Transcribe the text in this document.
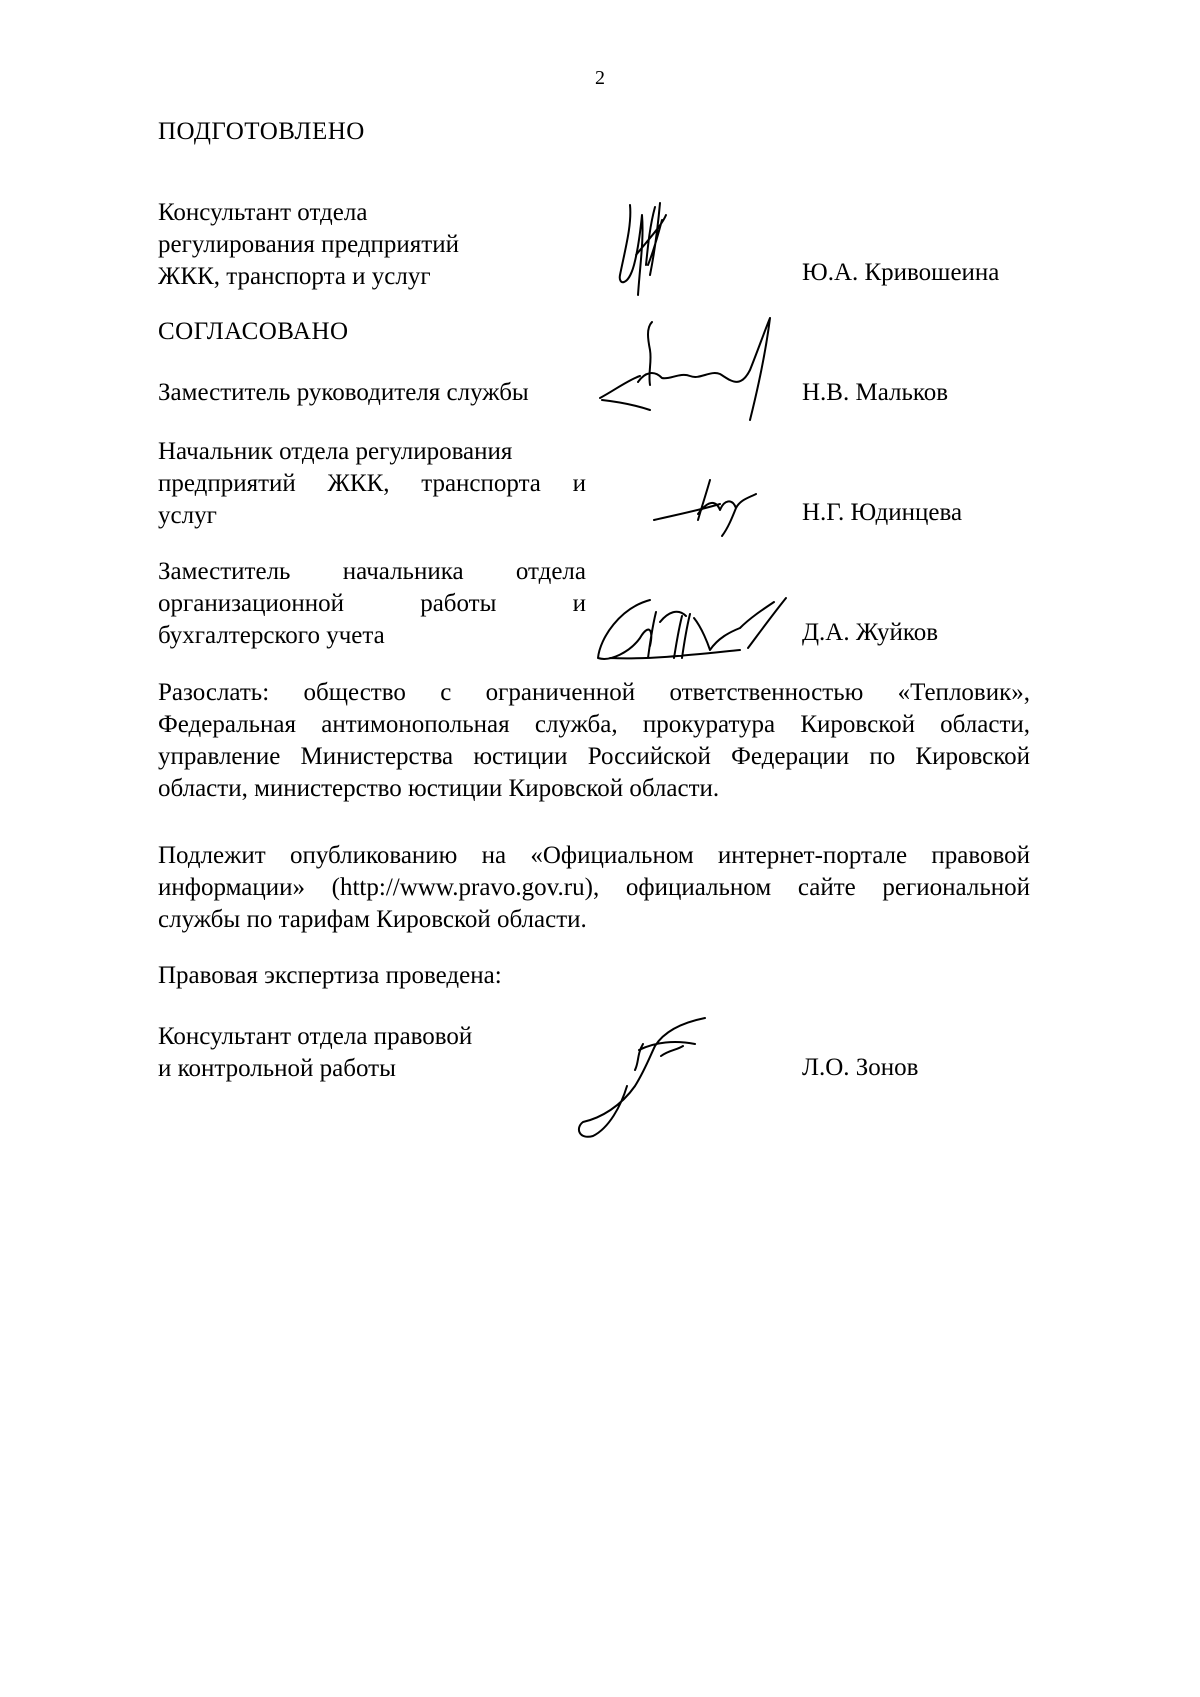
2
ПОДГОТОВЛЕНО
Консультант отдела
регулирования предприятий
ЖКК, транспорта и услуг	Ю.А. Кривошеина
СОГЛАСОВАНО
Заместитель руководителя службы	Н.В. Мальков
Начальник отдела регулирования
предприятий ЖКК, транспорта и
услуг	Н.Г. Юдинцева
Заместитель начальника отдела
организационной работы и
бухгалтерского учета	Д.А. Жуйков
Разослать: общество с ограниченной ответственностью «Тепловик»,
Федеральная антимонопольная служба, прокуратура Кировской области,
управление Министерства юстиции Российской Федерации по Кировской
области, министерство юстиции Кировской области.
Подлежит опубликованию на «Официальном интернет-портале правовой
информации» (http://www.pravo.gov.ru), официальном сайте региональной
службы по тарифам Кировской области.
Правовая экспертиза проведена:
Консультант отдела правовой
и контрольной работы	Л.О. Зонов
